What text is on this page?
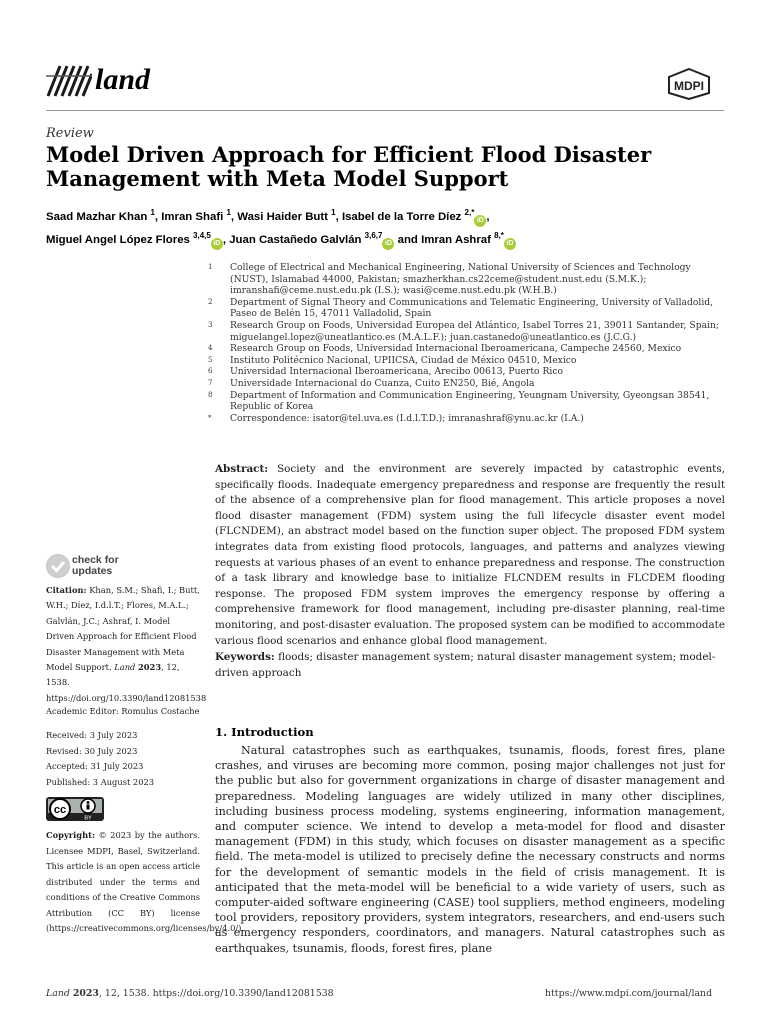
land	MDPI
Review
Model Driven Approach for Efficient Flood Disaster Management with Meta Model Support
Saad Mazhar Khan $^1$, Imran Shafi $^1$, Wasi Haider Butt $^1$, Isabel de la Torre Díez $^{2,*}$iD ,
Miguel Angel López Flores $^{3,4,5}$iD , Juan Castañedo Galvlán $^{3,6,7}$iD and Imran Ashraf $^{8,*}$iD
1	College of Electrical and Mechanical Engineering, National University of Sciences and Technology (NUST), Islamabad 44000, Pakistan; smazherkhan.cs22ceme@student.nust.edu (S.M.K.); imranshafi@ceme.nust.edu.pk (I.S.); wasi@ceme.nust.edu.pk (W.H.B.)
2	Department of Signal Theory and Communications and Telematic Engineering, University of Valladolid, Paseo de Belén 15, 47011 Valladolid, Spain
3	Research Group on Foods, Universidad Europea del Atlántico, Isabel Torres 21, 39011 Santander, Spain; miguelangel.lopez@uneatlantico.es (M.A.L.F.); juan.castanedo@uneatlantico.es (J.C.G.)
4	Research Group on Foods, Universidad Internacional Iberoamericana, Campeche 24560, Mexico
5	Instituto Politécnico Nacional, UPIICSA, Ciudad de México 04510, Mexico
6	Universidad Internacional Iberoamericana, Arecibo 00613, Puerto Rico
7	Universidade Internacional do Cuanza, Cuito EN250, Bié, Angola
8	Department of Information and Communication Engineering, Yeungnam University, Gyeongsan 38541, Republic of Korea
*	Correspondence: isator@tel.uva.es (I.d.l.T.D.); imranashraf@ynu.ac.kr (I.A.)

Abstract: Society and the environment are severely impacted by catastrophic events, specifically floods. Inadequate emergency preparedness and response are frequently the result of the absence of a comprehensive plan for flood management. This article proposes a novel flood disaster management (FDM) system using the full lifecycle disaster event model (FLCNDEM), an abstract model based on the function super object. The proposed FDM system integrates data from existing flood protocols, languages, and patterns and analyzes viewing requests at various phases of an event to enhance preparedness and response. The construction of a task library and knowledge base to initialize FLCNDEM results in FLCDEM flooding response. The proposed FDM system improves the emergency response by offering a comprehensive framework for flood management, including pre-disaster planning, real-time monitoring, and post-disaster evaluation. The proposed system can be modified to accommodate various flood scenarios and enhance global flood management.

Keywords: floods; disaster management system; natural disaster management system; model-driven approach

check for
updates

Citation: Khan, S.M.; Shafi, I.; Butt, W.H.; Díez, I.d.l.T.; Flores, M.A.L.; Galvlán, J.C.; Ashraf, I. Model Driven Approach for Efficient Flood Disaster Management with Meta Model Support. Land 2023, 12, 1538. https://doi.org/10.3390/land12081538

Academic Editor: Romulus Costache
Received: 3 July 2023
Revised: 30 July 2023
Accepted: 31 July 2023
Published: 3 August 2023
cc
BY

Copyright: © 2023 by the authors. Licensee MDPI, Basel, Switzerland. This article is an open access article distributed under the terms and conditions of the Creative Commons Attribution (CC BY) license (https://creativecommons.org/licenses/by/4.0/).

1. Introduction

Natural catastrophes such as earthquakes, tsunamis, floods, forest fires, plane crashes, and viruses are becoming more common, posing major challenges not just for the public but also for government organizations in charge of disaster management and preparedness. Modeling languages are widely utilized in many other disciplines, including business process modeling, systems engineering, information management, and computer science. We intend to develop a meta-model for flood and disaster management (FDM) in this study, which focuses on disaster management as a specific field. The meta-model is utilized to precisely define the necessary constructs and norms for the development of semantic models in the field of crisis management. It is anticipated that the meta-model will be beneficial to a wide variety of users, such as computer-aided software engineering (CASE) tool suppliers, method engineers, modeling tool providers, repository providers, system integrators, researchers, and end-users such as emergency responders, coordinators, and managers. Natural catastrophes such as earthquakes, tsunamis, floods, forest fires, plane

Land 2023, 12, 1538. https://doi.org/10.3390/land12081538	https://www.mdpi.com/journal/land
